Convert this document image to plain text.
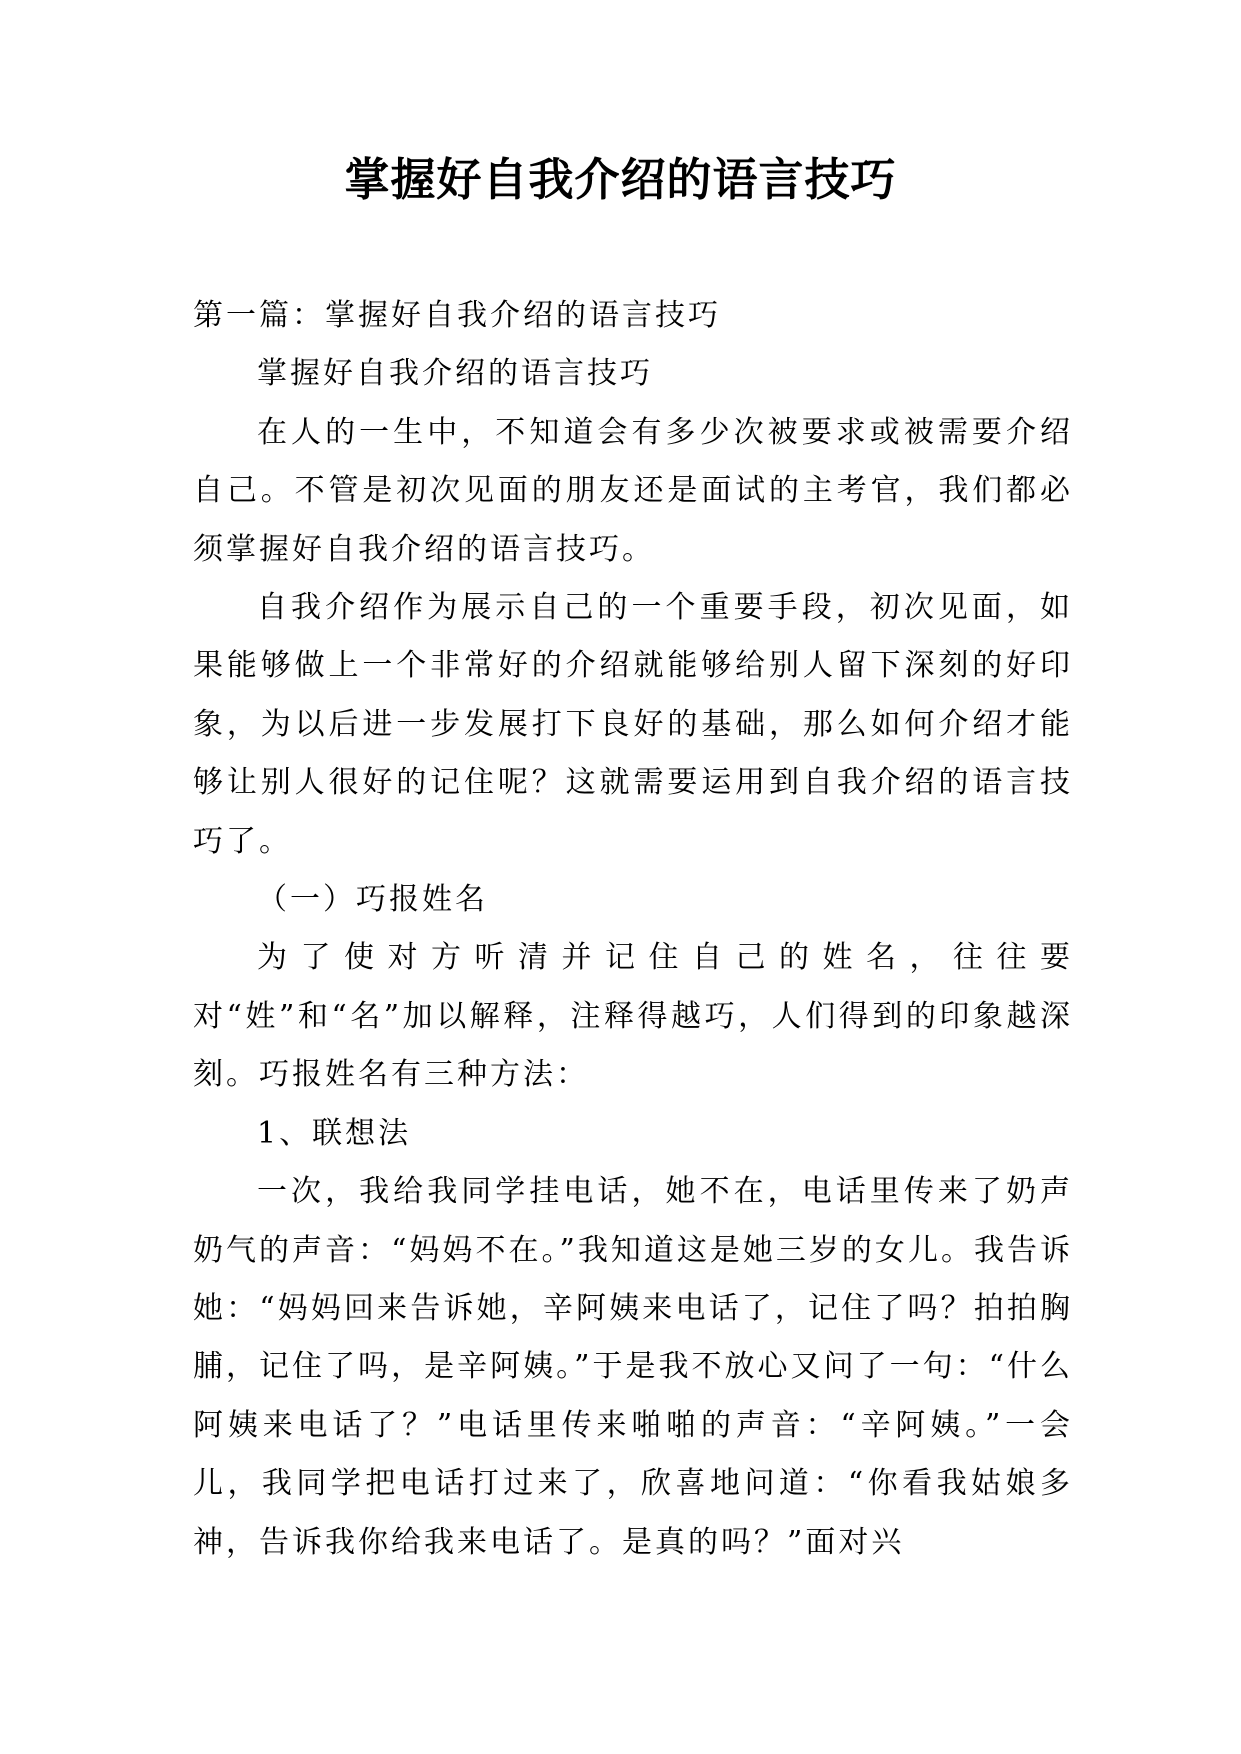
掌握好自我介绍的语言技巧

第一篇：掌握好自我介绍的语言技巧

掌握好自我介绍的语言技巧

在人的一生中，不知道会有多少次被要求或被需要介绍自己。不管是初次见面的朋友还是面试的主考官，我们都必须掌握好自我介绍的语言技巧。

自我介绍作为展示自己的一个重要手段，初次见面，如果能够做上一个非常好的介绍就能够给别人留下深刻的好印象，为以后进一步发展打下良好的基础，那么如何介绍才能够让别人很好的记住呢？这就需要运用到自我介绍的语言技巧了。

（一）巧报姓名

为了使对方听清并记住自己的姓名，往往要对“姓”和“名”加以解释，注释得越巧，人们得到的印象越深刻。巧报姓名有三种方法：

1、联想法

一次，我给我同学挂电话，她不在，电话里传来了奶声奶气的声音：“妈妈不在。”我知道这是她三岁的女儿。我告诉她：“妈妈回来告诉她，辛阿姨来电话了，记住了吗？拍拍胸脯，记住了吗，是辛阿姨。”于是我不放心又问了一句：“什么阿姨来电话了？”电话里传来啪啪的声音：“辛阿姨。”一会儿，我同学把电话打过来了，欣喜地问道：“你看我姑娘多神，告诉我你给我来电话了。是真的吗？”面对兴
